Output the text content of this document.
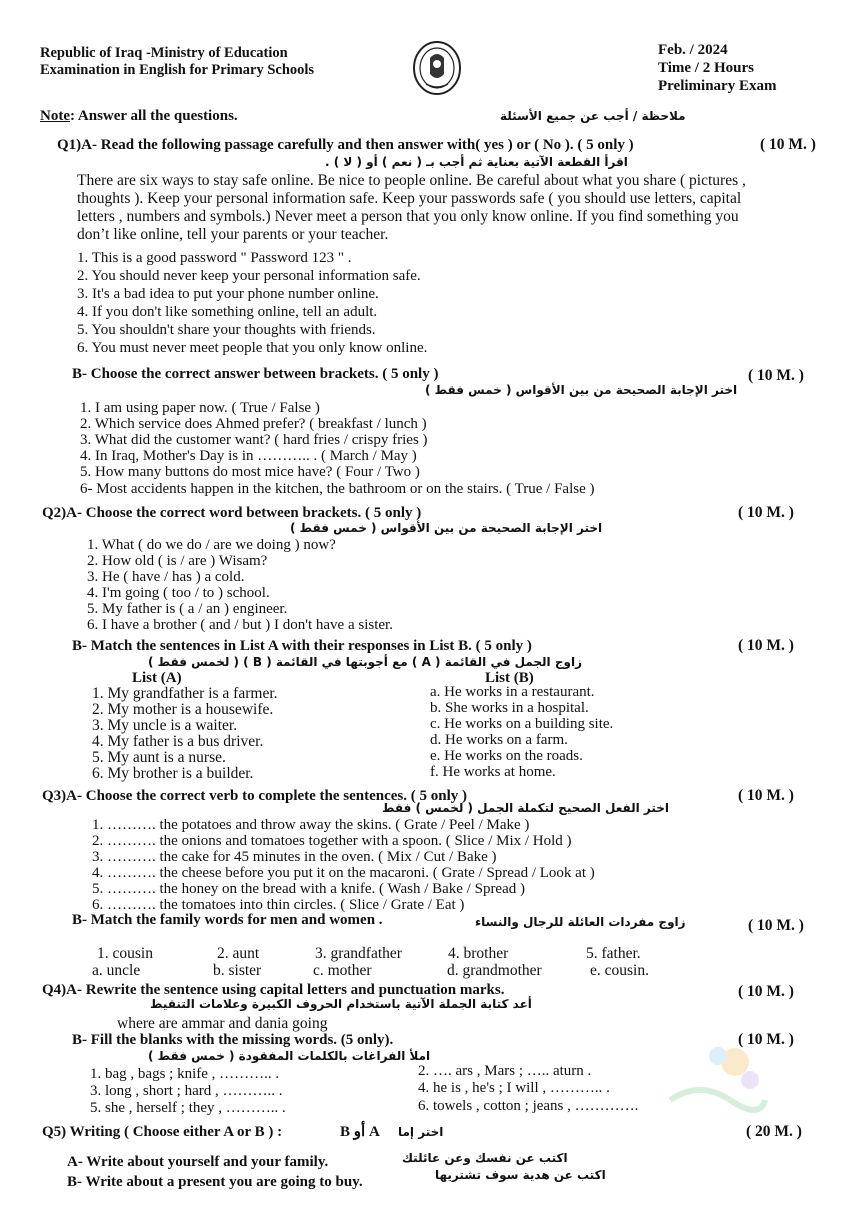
Republic of Iraq -Ministry of Education
Examination in English for Primary Schools
Feb. / 2024
Time / 2 Hours
Preliminary Exam
Note: Answer all the questions.	ملاحظة / أجب عن جميع الأسئلة
Q1)A- Read the following passage carefully and then answer with( yes ) or ( No ). ( 5 only )	( 10 M. )
اقرأ القطعة الآتية بعناية ثم أجب بـ ( نعم ) أو ( لا ) .
There are six ways to stay safe online. Be nice to people online. Be careful about what you share ( pictures ,
thoughts ). Keep your personal information safe. Keep your passwords safe ( you should use letters, capital
letters , numbers and symbols.) Never meet a person that you only know online. If you find something you
don’t like online, tell your parents or your teacher.
1. This is a good password " Password 123 " .
2. You should never keep your personal information safe.
3. It's a bad idea to put your phone number online.
4. If you don't like something online, tell an adult.
5. You shouldn't share your thoughts with friends.
6. You must never meet people that you only know online.
B- Choose the correct answer between brackets. ( 5 only )	( 10 M. )
اختر الإجابة الصحيحة من بين الأقواس ( خمس فقط )
1. I am using paper now. ( True / False )
2. Which service does Ahmed prefer? ( breakfast / lunch )
3. What did the customer want? ( hard fries / crispy fries )
4. In Iraq, Mother's Day is in ……….. . ( March / May )
5. How many buttons do most mice have? ( Four / Two )
6- Most accidents happen in the kitchen, the bathroom or on the stairs. ( True / False )
Q2)A- Choose the correct word between brackets. ( 5 only )	( 10 M. )
اختر الإجابة الصحيحة من بين الأقواس ( خمس فقط )
1. What ( do we do / are we doing ) now?
2. How old ( is / are ) Wisam?
3. He ( have / has ) a cold.
4. I'm going ( too / to ) school.
5. My father is ( a / an ) engineer.
6. I have a brother ( and / but ) I don't have a sister.
B- Match the sentences in List A with their responses in List B. ( 5 only )	( 10 M. )
زاوج الجمل في القائمة ( A ) مع أجوبتها في القائمة ( B ) ( لخمس فقط )
List (A)	List (B)
1. My grandfather is a farmer.
2. My mother is a housewife.
3. My uncle is a waiter.
4. My father is a bus driver.
5. My aunt is a nurse.
6. My brother is a builder.
a. He works in a restaurant.
b. She works in a hospital.
c. He works on a building site.
d. He works on a farm.
e. He works on the roads.
f. He works at home.
Q3)A- Choose the correct verb to complete the sentences. ( 5 only )	( 10 M. )
اختر الفعل الصحيح لتكملة الجمل ( لخمس ) فقط
1. ………. the potatoes and throw away the skins. ( Grate / Peel / Make )
2. ………. the onions and tomatoes together with a spoon. ( Slice / Mix / Hold )
3. ………. the cake for 45 minutes in the oven. ( Mix / Cut / Bake )
4. ………. the cheese before you put it on the macaroni. ( Grate / Spread / Look at )
5. ………. the honey on the bread with a knife. ( Wash / Bake / Spread )
6. ………. the tomatoes into thin circles. ( Slice / Grate / Eat )
B- Match the family words for men and women .	زاوج مفردات العائلة للرجال والنساء	( 10 M. )
1. cousin	2. aunt	3. grandfather	4. brother	5. father.
a. uncle	b. sister	c. mother	d. grandmother	e. cousin.
Q4)A- Rewrite the sentence using capital letters and punctuation marks.	( 10 M. )
أعد كتابة الجملة الآتية باستخدام الحروف الكبيرة وعلامات التنقيط
where are ammar and dania going
B- Fill the blanks with the missing words. (5 only).	( 10 M. )
املأ الفراغات بالكلمات المفقودة ( خمس فقط )
1. bag , bags ; knife , ……….. .
3. long , short ; hard , ……….. .
5. she , herself ; they , ……….. .
2. …. ars , Mars ; ….. aturn .
4. he is , he's ; I will , ……….. .
6. towels , cotton ; jeans , ………….
Q5) Writing ( Choose either A or B ) :	B أو A اختر إما	( 20 M. )
A- Write about yourself and your family.	اكتب عن نفسك وعن عائلتك
B- Write about a present you are going to buy.	اكتب عن هدية سوف تشتريها
